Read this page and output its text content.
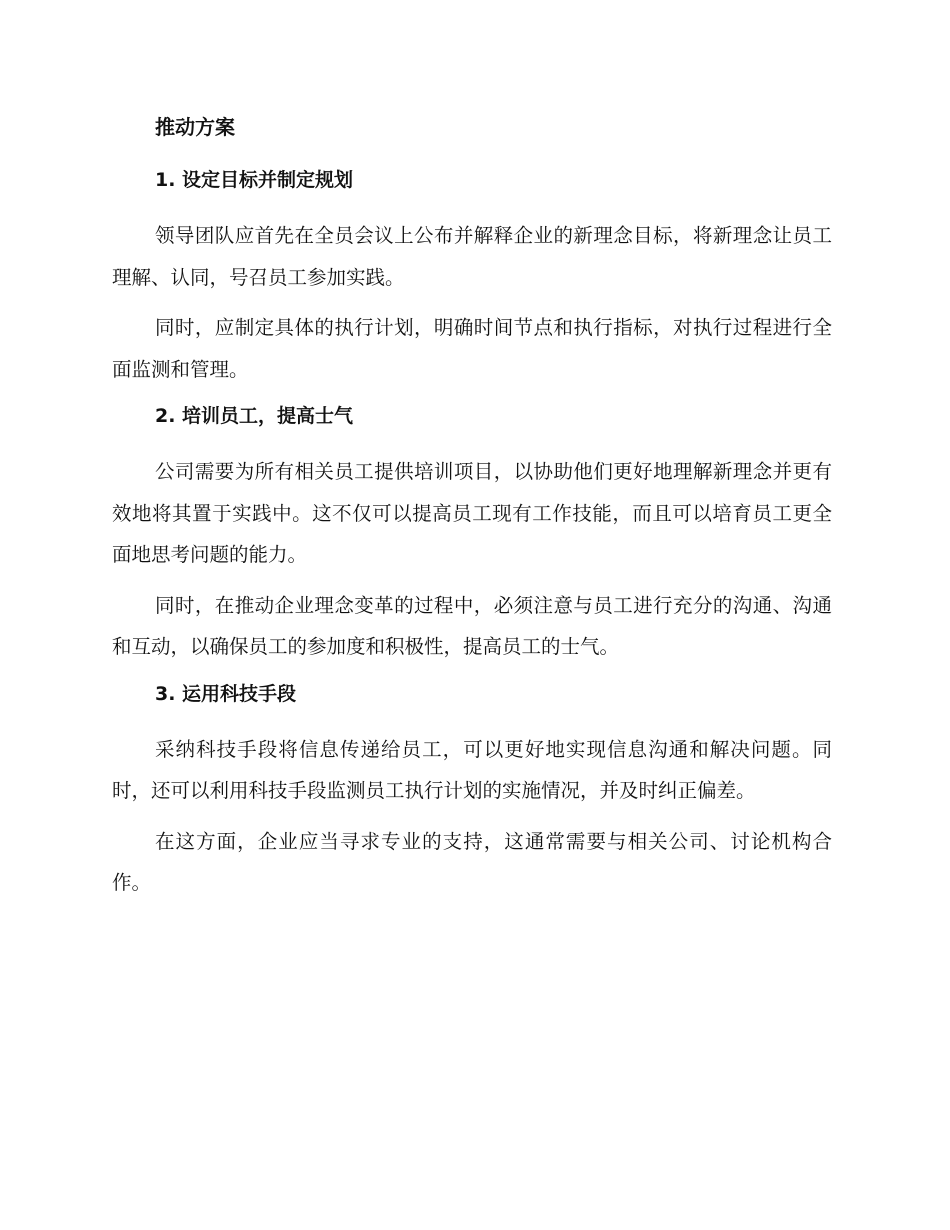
推动方案
1. 设定目标并制定规划

领导团队应首先在全员会议上公布并解释企业的新理念目标，将新理念让员工理解、认同，号召员工参加实践。

同时，应制定具体的执行计划，明确时间节点和执行指标，对执行过程进行全面监测和管理。

2. 培训员工，提高士气

公司需要为所有相关员工提供培训项目，以协助他们更好地理解新理念并更有效地将其置于实践中。这不仅可以提高员工现有工作技能，而且可以培育员工更全面地思考问题的能力。

同时，在推动企业理念变革的过程中，必须注意与员工进行充分的沟通、沟通和互动，以确保员工的参加度和积极性，提高员工的士气。

3. 运用科技手段

采纳科技手段将信息传递给员工，可以更好地实现信息沟通和解决问题。同时，还可以利用科技手段监测员工执行计划的实施情况，并及时纠正偏差。

在这方面，企业应当寻求专业的支持，这通常需要与相关公司、讨论机构合作。
